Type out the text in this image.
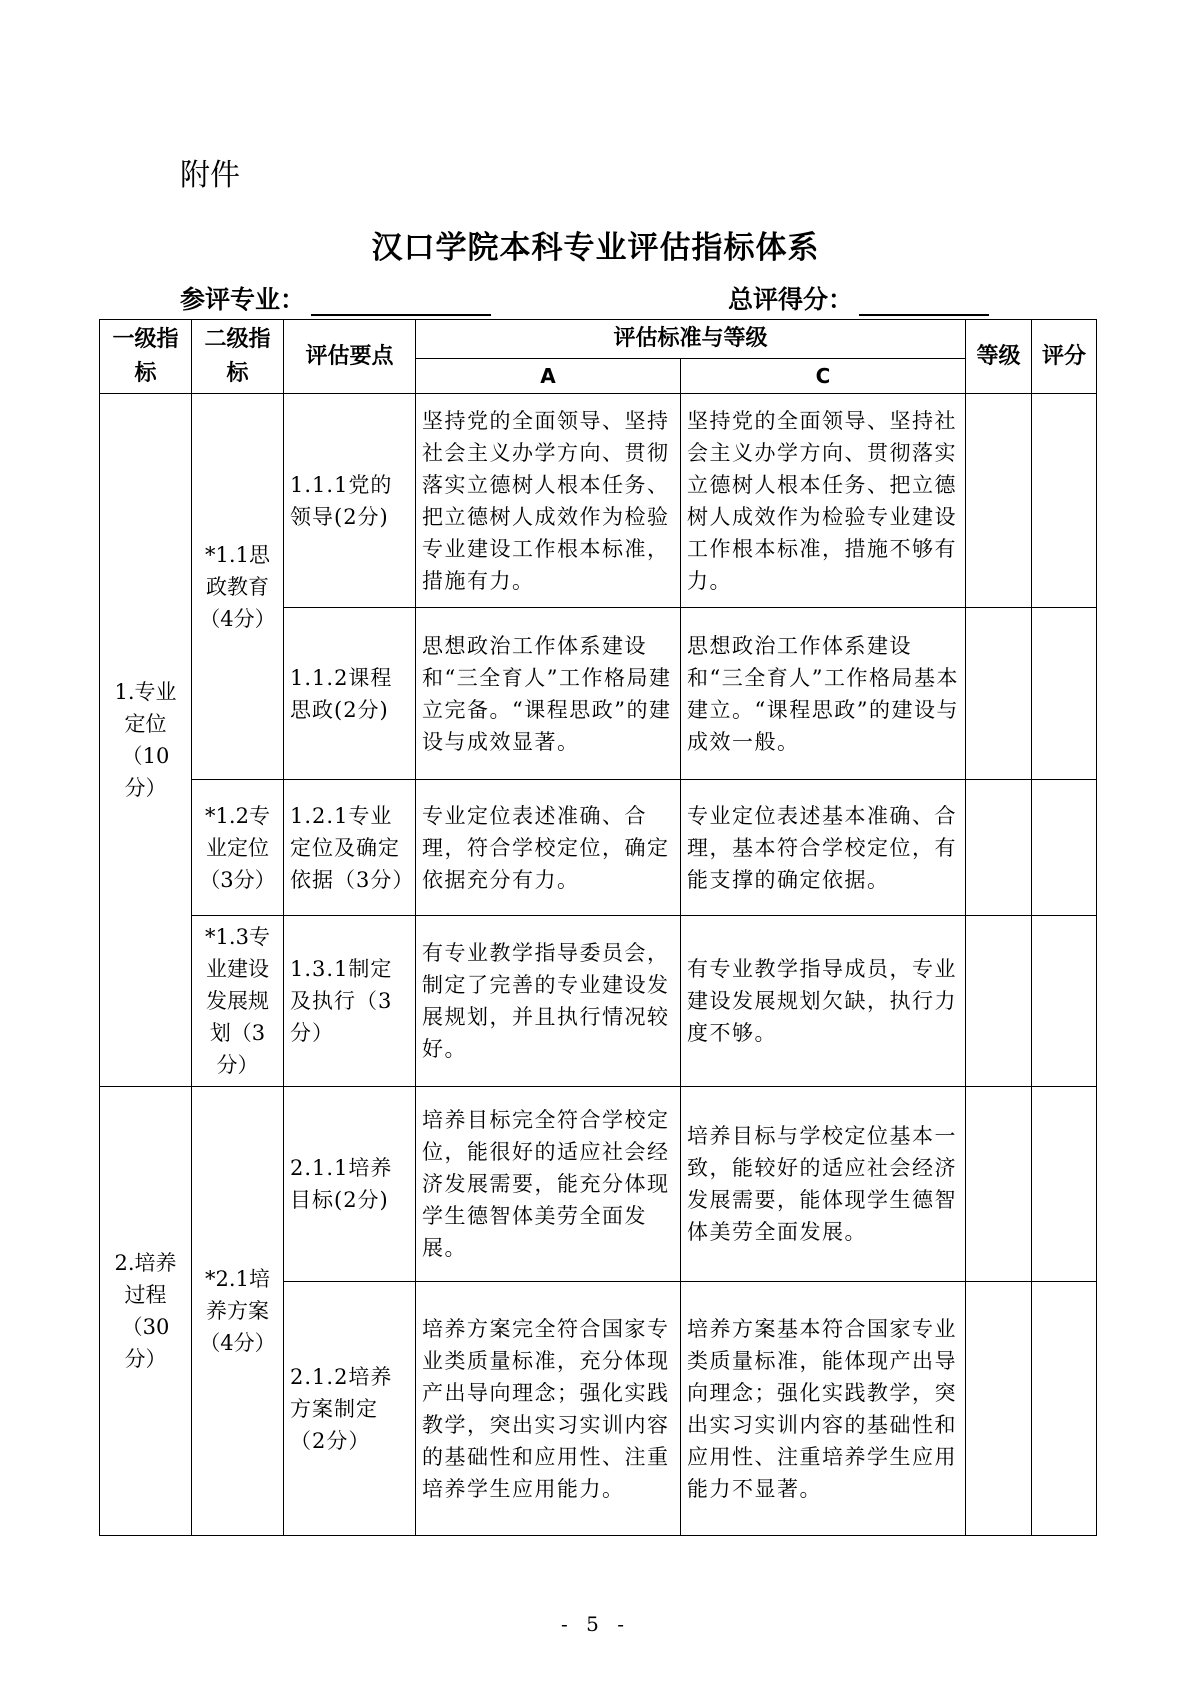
附件
汉口学院本科专业评估指标体系
参评专业：	总评得分：
一级指标	二级指标	评估要点	评估标准与等级		等级	评分
			A	C		
1.专业定位（10分）	*1.1思政教育（4分）	1.1.1党的领导(2分)	坚持党的全面领导、坚持社会主义办学方向、贯彻落实立德树人根本任务、把立德树人成效作为检验专业建设工作根本标准，措施有力。	坚持党的全面领导、坚持社会主义办学方向、贯彻落实立德树人根本任务、把立德树人成效作为检验专业建设工作根本标准，措施不够有力。		
		1.1.2课程思政(2分)	思想政治工作体系建设和“三全育人”工作格局建立完备。“课程思政”的建设与成效显著。	思想政治工作体系建设和“三全育人”工作格局基本建立。“课程思政”的建设与成效一般。		
	*1.2专业定位（3分）	1.2.1专业定位及确定依据（3分）	专业定位表述准确、合理，符合学校定位，确定依据充分有力。	专业定位表述基本准确、合理，基本符合学校定位，有能支撑的确定依据。		
	*1.3专业建设发展规划（3分）	1.3.1制定及执行（3分）	有专业教学指导委员会，制定了完善的专业建设发展规划，并且执行情况较好。	有专业教学指导成员，专业建设发展规划欠缺，执行力度不够。		
2.培养过程（30分）	*2.1培养方案（4分）	2.1.1培养目标(2分)	培养目标完全符合学校定位，能很好的适应社会经济发展需要，能充分体现学生德智体美劳全面发展。	培养目标与学校定位基本一致，能较好的适应社会经济发展需要，能体现学生德智体美劳全面发展。		
		2.1.2培养方案制定（2分）	培养方案完全符合国家专业类质量标准，充分体现产出导向理念；强化实践教学，突出实习实训内容的基础性和应用性、注重培养学生应用能力。	培养方案基本符合国家专业类质量标准，能体现产出导向理念；强化实践教学，突出实习实训内容的基础性和应用性、注重培养学生应用能力不显著。		
- 5 -
